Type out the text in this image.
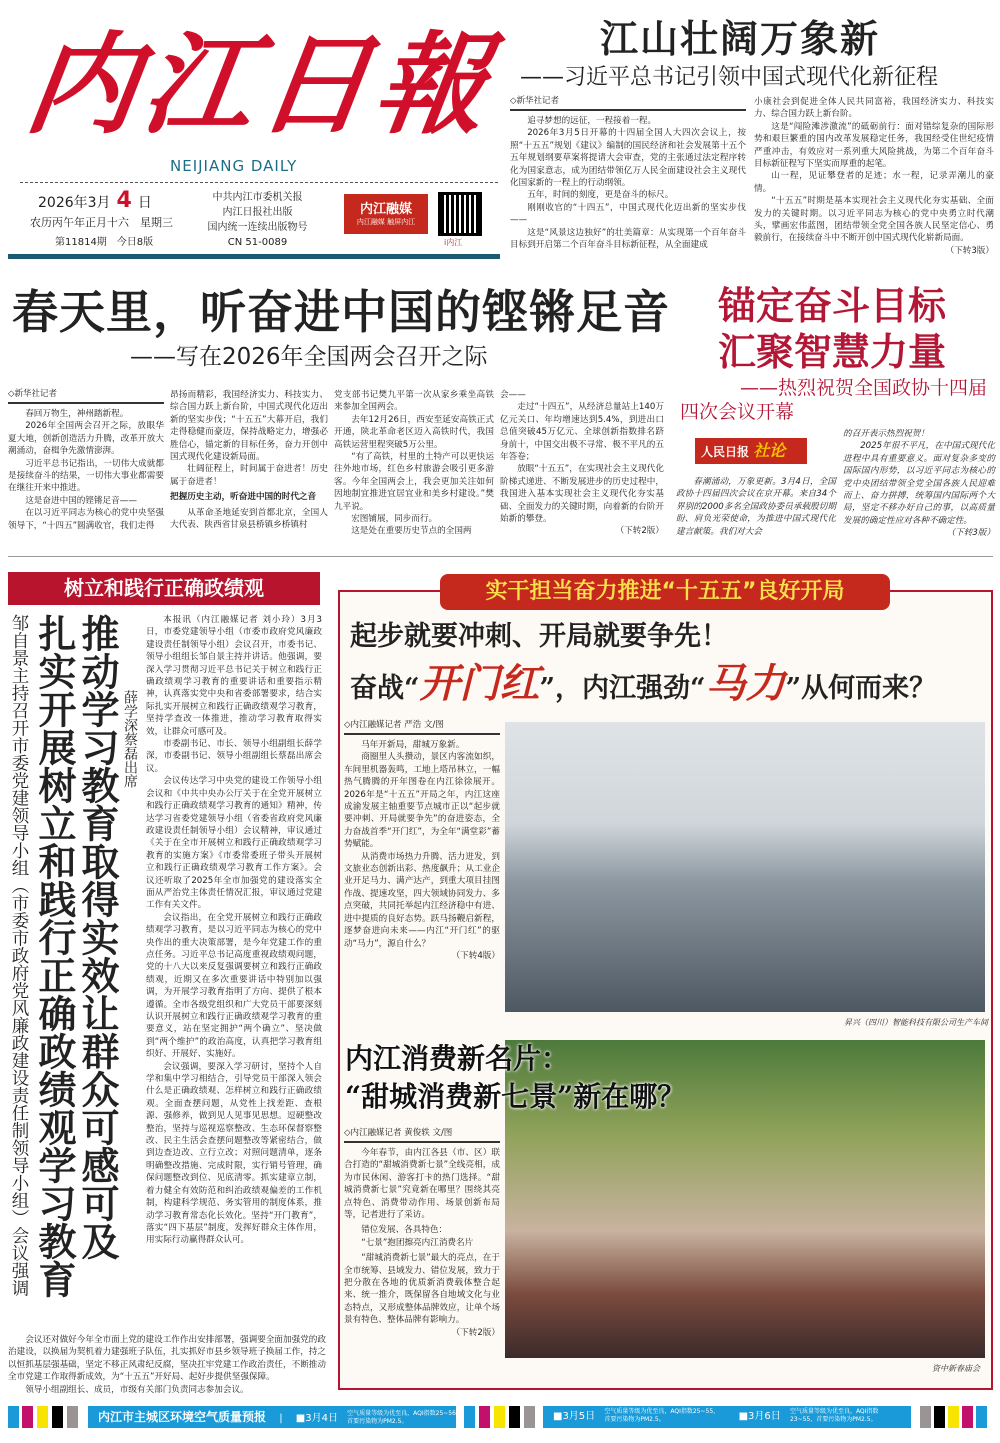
内江日報
NEIJIANG DAILY
2026年3月 4 日
农历丙午年正月十六　星期三
第11814期　今日8版
中共内江市委机关报
内江日报社出版
国内统一连续出版物号
CN 51-0089
内江融媒
内江融媒 触屏内江
i内江
江山壮阔万象新
——习近平总书记引领中国式现代化新征程
◇新华社记者

追寻梦想的远征，一程接着一程。

2026年3月5日开幕的十四届全国人大四次会议上，按照“十五五”规划《建议》编制的国民经济和社会发展第十五个五年规划纲要草案将提请大会审查，党的主张通过法定程序转化为国家意志，成为团结带领亿万人民全面建设社会主义现代化国家新的一程上的行动纲领。

五年，时间的刻度，更是奋斗的标尺。

刚刚收官的“十四五”，中国式现代化迈出新的坚实步伐——

这是“风景这边独好”的壮美篇章：从实现第一个百年奋斗目标到开启第二个百年奋斗目标新征程，从全面建成

小康社会到促进全体人民共同富裕，我国经济实力、科技实力、综合国力跃上新台阶。

这是“闯险滩涉激流”的砥砺前行：面对错综复杂的国际形势和艰巨繁重的国内改革发展稳定任务，我国经受住世纪疫情严重冲击，有效应对一系列重大风险挑战，为第二个百年奋斗目标新征程写下坚实而厚重的起笔。

山一程，见证攀登者的足迹；水一程，记录弄潮儿的豪情。

“十五五”时期是基本实现社会主义现代化夯实基础、全面发力的关键时期。以习近平同志为核心的党中央勇立时代潮头，擘画宏伟蓝图，团结带领全党全国各族人民坚定信心、勇毅前行，在接续奋斗中不断开创中国式现代化崭新局面。

（下转3版）
春天里，听奋进中国的铿锵足音
——写在2026年全国两会召开之际
◇新华社记者

春回万物生，神州踏新程。

2026年全国两会召开之际，放眼华夏大地，创新创造活力升腾，改革开放大潮涌动，奋楫争先激情澎湃。

习近平总书记指出，一切伟大成就都是接续奋斗的结果，一切伟大事业都需要在继往开来中推进。

这是奋进中国的铿锵足音——

在以习近平同志为核心的党中央坚强领导下，“十四五”圆满收官，我们走得

昂扬而精彩，我国经济实力、科技实力、综合国力跃上新台阶，中国式现代化迈出新的坚实步伐；“十五五”大幕开启，我们走得稳健而豪迈，保持战略定力，增强必胜信心，锚定新的目标任务，奋力开创中国式现代化建设新局面。

壮阔征程上，时间属于奋进者！历史属于奋进者！

把握历史主动，听奋进中国的时代之音

从革命圣地延安到首都北京，全国人大代表、陕西省甘泉县桥镇乡桥镇村

党支部书记樊九平第一次从家乡乘坐高铁来参加全国两会。

去年12月26日，西安至延安高铁正式开通，陕北革命老区迈入高铁时代，我国高铁运营里程突破5万公里。

“有了高铁，村里的土特产可以更快运往外地市场，红色乡村旅游会吸引更多游客。今年全国两会上，我会更加关注如何因地制宜推进宜居宜业和美乡村建设。”樊九平说。

宏图铺展，同步而行。

这是处在重要历史节点的全国两

会——

走过“十四五”，从经济总量站上140万亿元关口、年均增速达到5.4%，到进出口总值突破45万亿元、全球创新指数排名跻身前十，中国交出极不寻常、极不平凡的五年答卷；

放眼“十五五”，在实现社会主义现代化阶梯式递进、不断发展进步的历史过程中，我国进入基本实现社会主义现代化夯实基础、全面发力的关键时期，向着新的台阶开始新的攀登。

（下转2版）
锚定奋斗目标
汇聚智慧力量
——热烈祝贺全国政协十四届四次会议开幕
人民日报 社论

春潮涌动，万象更新。3月4日，全国政协十四届四次会议在京开幕。来自34个界别的2000多名全国政协委员承载殷切期盼、肩负光荣使命，为推进中国式现代化建言献策。我们对大会

的召开表示热烈祝贺！

2025年很不平凡，在中国式现代化进程中具有重要意义。面对复杂多变的国际国内形势，以习近平同志为核心的党中央团结带领全党全国各族人民迎难而上、奋力拼搏，统筹国内国际两个大局，坚定不移办好自己的事，以高质量发展的确定性应对各种不确定性。

（下转3版）
树立和践行正确政绩观
邹自景主持召开市委党建领导小组（市委市政府党风廉政建设责任制领导小组）会议强调 扎实开展树立和践行正确政绩观学习教育 推动学习教育取得实效让群众可感可及 薛学深蔡磊出席

本报讯（内江融媒记者 刘小玲）3月3日，市委党建领导小组（市委市政府党风廉政建设责任制领导小组）会议召开，市委书记、领导小组组长邹自景主持并讲话。他强调，要深入学习贯彻习近平总书记关于树立和践行正确政绩观学习教育的重要讲话和重要指示精神，认真落实党中央和省委部署要求，结合实际扎实开展树立和践行正确政绩观学习教育，坚持学查改一体推进，推动学习教育取得实效，让群众可感可及。

市委副书记、市长、领导小组副组长薛学深，市委副书记、领导小组副组长蔡磊出席会议。

会议传达学习中央党的建设工作领导小组会议和《中共中央办公厅关于在全党开展树立和践行正确政绩观学习教育的通知》精神，传达学习省委党建领导小组（省委省政府党风廉政建设责任制领导小组）会议精神，审议通过《关于在全市开展树立和践行正确政绩观学习教育的实施方案》《市委常委班子带头开展树立和践行正确政绩观学习教育工作方案》。会议还听取了2025年全市加强党的建设落实全面从严治党主体责任情况汇报，审议通过党建工作有关文件。

会议指出，在全党开展树立和践行正确政绩观学习教育，是以习近平同志为核心的党中央作出的重大决策部署，是今年党建工作的重点任务。习近平总书记高度重视政绩观问题，党的十八大以来反复强调要树立和践行正确政绩观，近期又在多次重要讲话中特别加以强调，为开展学习教育指明了方向、提供了根本遵循。全市各级党组织和广大党员干部要深刻认识开展树立和践行正确政绩观学习教育的重要意义，站在坚定拥护“两个确立”、坚决做到“两个维护”的政治高度，认真把学习教育组织好、开展好、实施好。

会议强调，要深入学习研讨，坚持个人自学和集中学习相结合，引导党员干部深入领会什么是正确政绩观、怎样树立和践行正确政绩观。全面查摆问题，从党性上找差距、查根源、强修养，做到见人见事见思想。逗硬整改整治，坚持与巡视巡察整改、生态环保督察整改、民主生活会查摆问题整改等紧密结合，做到边查边改、立行立改；对照问题清单，逐条明确整改措施、完成时限，实行销号管理，确保问题整改到位、见底清零。抓实建章立制，着力健全有效防范和纠治政绩观偏差的工作机制，构建科学规范、务实管用的制度体系，推动学习教育常态化长效化。坚持“开门教育”，落实“四下基层”制度，发挥好群众主体作用，用实际行动赢得群众认可。

会议还对做好今年全市面上党的建设工作作出安排部署，强调要全面加强党的政治建设，以换届为契机着力建强班子队伍，扎实抓好市县乡领导班子换届工作，持之以恒抓基层强基础，坚定不移正风肃纪反腐，坚决扛牢党建工作政治责任，不断推动全市党建工作取得新成效，为“十五五”开好局、起好步提供坚强保障。

领导小组副组长、成员，市级有关部门负责同志参加会议。

实干担当奋力推进“十五五”良好开局
起步就要冲刺、开局就要争先！
奋战“开门红”，内江强劲“马力”从何而来？
◇内江融媒记者 严浩 文/图

马年开新局，甜城万象新。

商圈里人头攒动，景区内客流如织，车间里机器轰鸣，工地上塔吊林立，一幅热气腾腾的开年图卷在内江徐徐展开。2026年是“十五五”开局之年，内江这座成渝发展主轴重要节点城市正以“起步就要冲刺、开局就要争先”的奋进姿态，全力奋战首季“开门红”，为全年“满堂彩”蓄势赋能。

从消费市场热力升腾、活力迸发，到文旅业态创新出彩、热度飙升；从工业企业开足马力、满产达产，到重大项目挂图作战、提速攻坚，四大领域协同发力、多点突破，共同托举起内江经济稳中有进、进中提质的良好态势。跃马扬鞭启新程，逐梦奋进向未来——内江“开门红”的驱动“马力”，源自什么？

（下转4版）
昇兴（四川）智能科技有限公司生产车间
内江消费新名片：
“甜城消费新七景”新在哪？
◇内江融媒记者 黄俊轶 文/图

今年春节，由内江各县（市、区）联合打造的“甜城消费新七景”全线亮相，成为市民休闲、游客打卡的热门选择。“甜城消费新七景”究竟新在哪里？围绕其亮点特色、消费带动作用、场景创新布局等，记者进行了采访。

错位发展、各具特色：

“七景”抱团擦亮内江消费名片

“甜城消费新七景”最大的亮点，在于全市统筹、县域发力、错位发展，致力于把分散在各地的优质新消费载体整合起来、统一推介，既保留各自地域文化与业态特点，又形成整体品牌效应，让单个场景有特色、整体品牌有影响力。

（下转2版）
资中新春庙会
内江市主城区环境空气质量预报 | ■3月4日 空气质量等级为优至良，AQI指数25~56，首要污染物为PM2.5。	■3月5日 空气质量等级为优至良，AQI指数25~55，首要污染物为PM2.5。	■3月6日 空气质量等级为优至良，AQI指数23~55，首要污染物为PM2.5。
